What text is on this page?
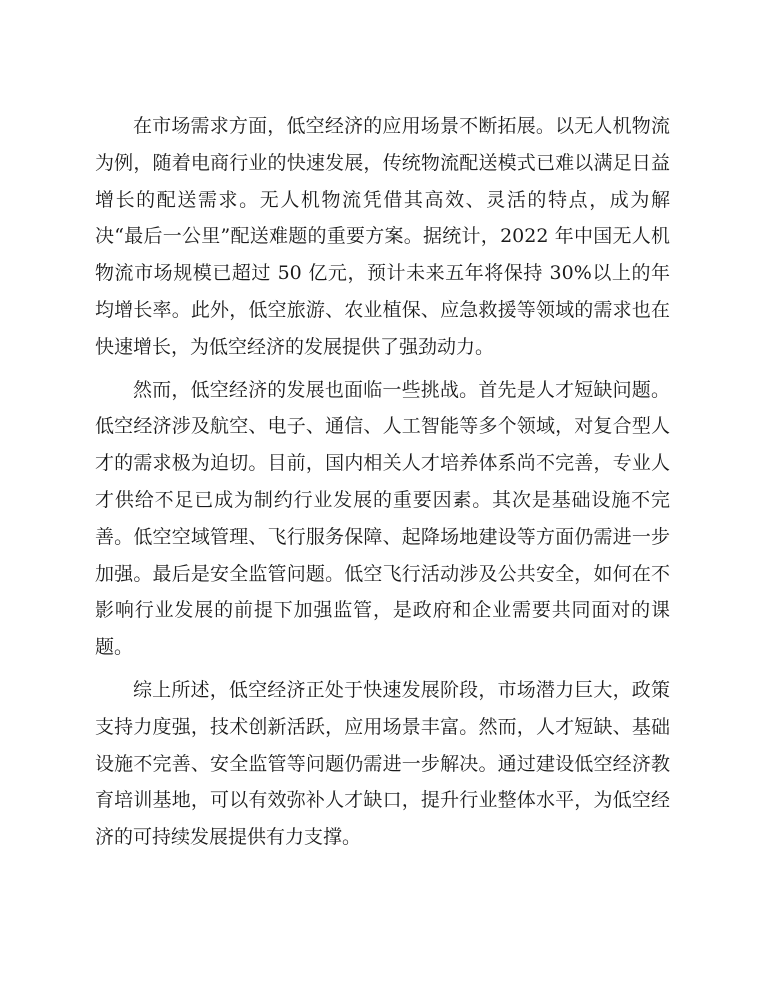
在市场需求方面，低空经济的应用场景不断拓展。以无人机物流为例，随着电商行业的快速发展，传统物流配送模式已难以满足日益增长的配送需求。无人机物流凭借其高效、灵活的特点，成为解决“最后一公里”配送难题的重要方案。据统计，2022 年中国无人机物流市场规模已超过 50 亿元，预计未来五年将保持 30%以上的年均增长率。此外，低空旅游、农业植保、应急救援等领域的需求也在快速增长，为低空经济的发展提供了强劲动力。

然而，低空经济的发展也面临一些挑战。首先是人才短缺问题。低空经济涉及航空、电子、通信、人工智能等多个领域，对复合型人才的需求极为迫切。目前，国内相关人才培养体系尚不完善，专业人才供给不足已成为制约行业发展的重要因素。其次是基础设施不完善。低空空域管理、飞行服务保障、起降场地建设等方面仍需进一步加强。最后是安全监管问题。低空飞行活动涉及公共安全，如何在不影响行业发展的前提下加强监管，是政府和企业需要共同面对的课题。

综上所述，低空经济正处于快速发展阶段，市场潜力巨大，政策支持力度强，技术创新活跃，应用场景丰富。然而，人才短缺、基础设施不完善、安全监管等问题仍需进一步解决。通过建设低空经济教育培训基地，可以有效弥补人才缺口，提升行业整体水平，为低空经济的可持续发展提供有力支撑。
